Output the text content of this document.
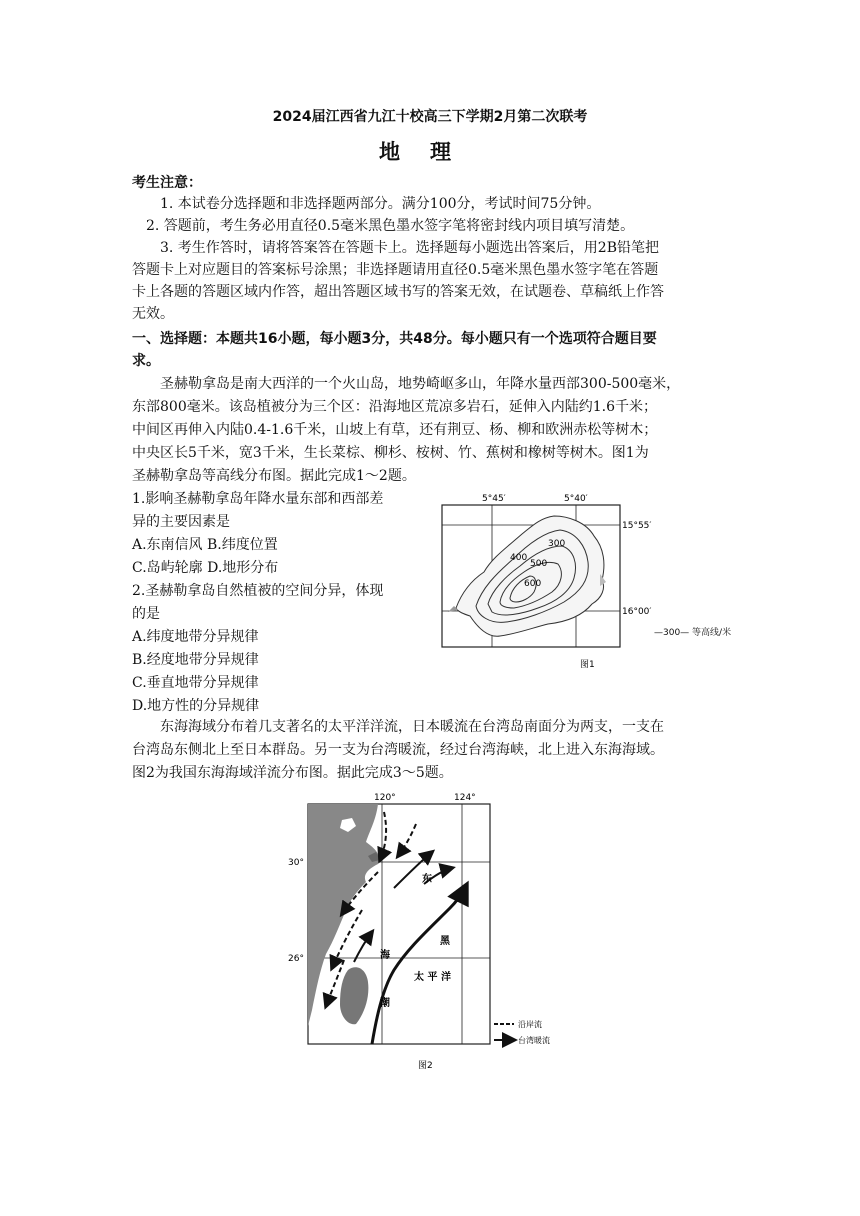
2024届江西省九江十校高三下学期2月第二次联考
地理
考生注意：
1. 本试卷分选择题和非选择题两部分。满分100分，考试时间75分钟。
2. 答题前，考生务必用直径0.5毫米黑色墨水签字笔将密封线内项目填写清楚。
3. 考生作答时，请将答案答在答题卡上。选择题每小题选出答案后，用2B铅笔把
答题卡上对应题目的答案标号涂黑；非选择题请用直径0.5毫米黑色墨水签字笔在答题
卡上各题的答题区域内作答，超出答题区域书写的答案无效，在试题卷、草稿纸上作答
无效。
一、选择题：本题共16小题，每小题3分，共48分。每小题只有一个选项符合题目要
求。
圣赫勒拿岛是南大西洋的一个火山岛，地势崎岖多山，年降水量西部300-500毫米，
东部800毫米。该岛植被分为三个区：沿海地区荒凉多岩石，延伸入内陆约1.6千米；
中间区再伸入内陆0.4-1.6千米，山坡上有草，还有荆豆、杨、柳和欧洲赤松等树木；
中央区长5千米，宽3千米，生长菜棕、柳杉、桉树、竹、蕉树和橡树等树木。图1为
圣赫勒拿岛等高线分布图。据此完成1～2题。
1.影响圣赫勒拿岛年降水量东部和西部差
异的主要因素是
A.东南信风 B.纬度位置
C.岛屿轮廓 D.地形分布
2.圣赫勒拿岛自然植被的空间分异，体现
的是
A.纬度地带分异规律
B.经度地带分异规律
C.垂直地带分异规律
D.地方性的分异规律
5°45′	5°40′
15°55′
16°00′
300
400
500
600
图1
—300— 等高线/米
东海海域分布着几支著名的太平洋洋流，日本暖流在台湾岛南面分为两支，一支在
台湾岛东侧北上至日本群岛。另一支为台湾暖流，经过台湾海峡，北上进入东海海域。
图2为我国东海海域洋流分布图。据此完成3～5题。
120°	124°
30°
26°
东
黑
海
潮
太 平 洋
沿岸流
台湾暖流
图2
